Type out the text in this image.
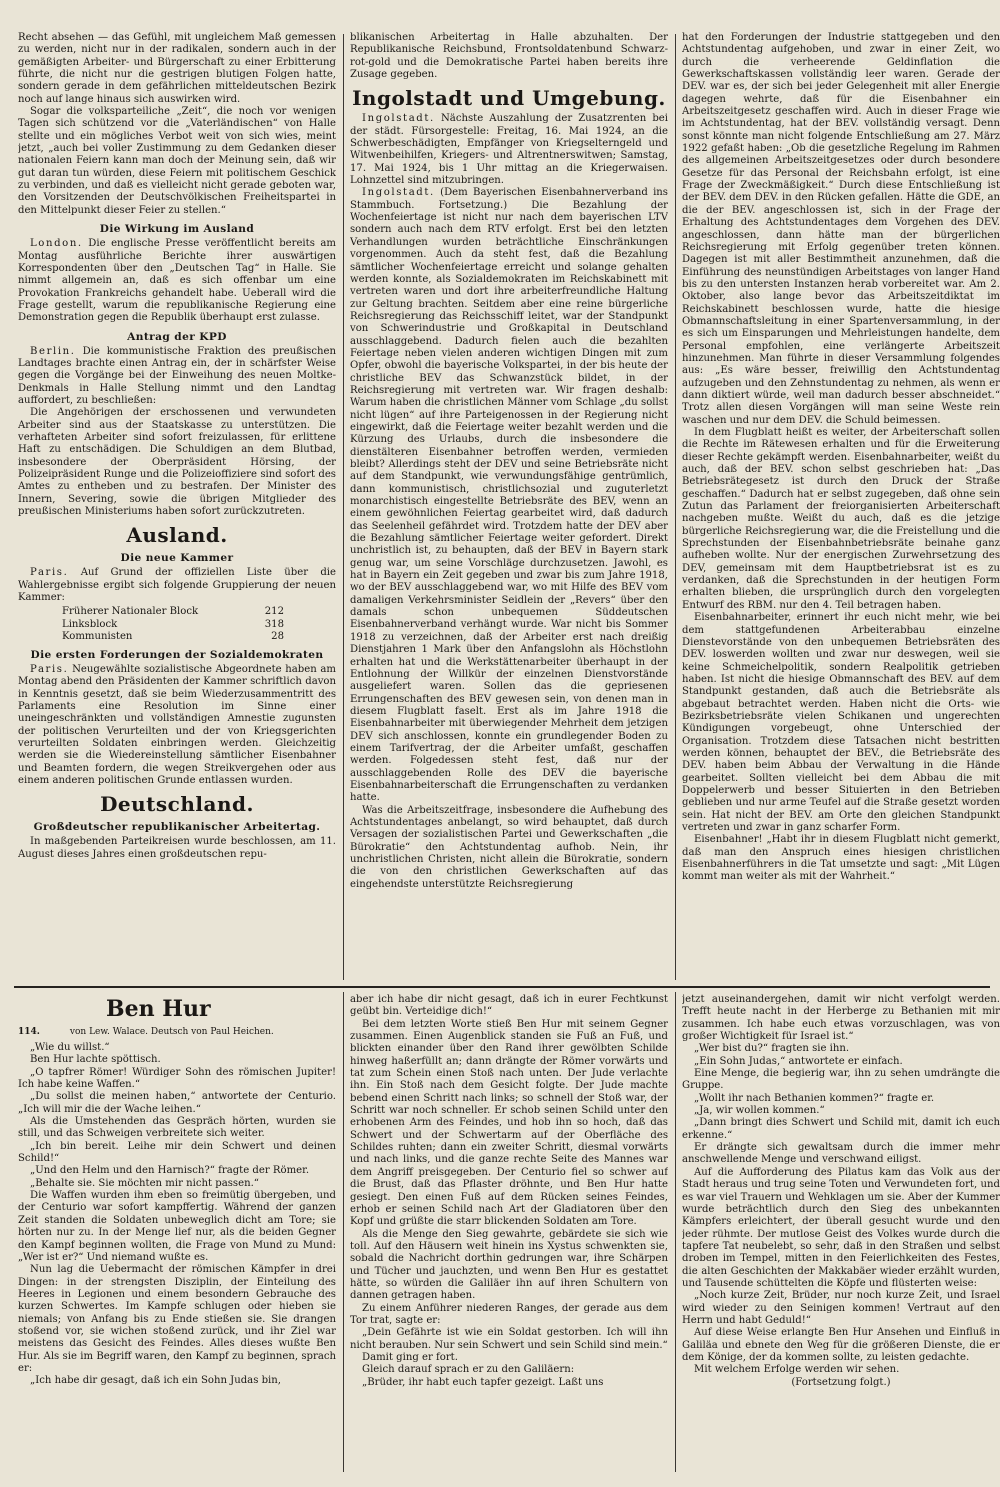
Recht absehen — das Gefühl, mit ungleichem Maß gemessen zu werden, nicht nur in der radikalen, sondern auch in der gemäßigten Arbeiter- und Bürgerschaft zu einer Erbitterung führte, die nicht nur die gestrigen blutigen Folgen hatte, sondern gerade in dem gefährlichen mitteldeutschen Bezirk noch auf lange hinaus sich auswirken wird.

Sogar die volksparteiliche „Zeit“, die noch vor wenigen Tagen sich schützend vor die „Vaterländischen“ von Halle stellte und ein mögliches Verbot weit von sich wies, meint jetzt, „auch bei voller Zustimmung zu dem Gedanken dieser nationalen Feiern kann man doch der Meinung sein, daß wir gut daran tun würden, diese Feiern mit politischem Geschick zu verbinden, und daß es vielleicht nicht gerade geboten war, den Vorsitzenden der Deutschvölkischen Freiheitspartei in den Mittelpunkt dieser Feier zu stellen.“

Die Wirkung im Ausland

London. Die englische Presse veröffentlicht bereits am Montag ausführliche Berichte ihrer auswärtigen Korrespondenten über den „Deutschen Tag“ in Halle. Sie nimmt allgemein an, daß es sich offenbar um eine Provokation Frankreichs gehandelt habe. Ueberall wird die Frage gestellt, warum die republikanische Regierung eine Demonstration gegen die Republik überhaupt erst zulasse.

Antrag der KPD

Berlin. Die kommunistische Fraktion des preußischen Landtages brachte einen Antrag ein, der in schärfster Weise gegen die Vorgänge bei der Einweihung des neuen Moltke-Denkmals in Halle Stellung nimmt und den Landtag auffordert, zu beschließen:

Die Angehörigen der erschossenen und verwundeten Arbeiter sind aus der Staatskasse zu unterstützen. Die verhafteten Arbeiter sind sofort freizulassen, für erlittene Haft zu entschädigen. Die Schuldigen an dem Blutbad, insbesondere der Oberpräsident Hörsing, der Polizeipräsident Runge und die Polizeioffiziere sind sofort des Amtes zu entheben und zu bestrafen. Der Minister des Innern, Severing, sowie die übrigen Mitglieder des preußischen Ministeriums haben sofort zurückzutreten.

Ausland.
Die neue Kammer

Paris. Auf Grund der offiziellen Liste über die Wahlergebnisse ergibt sich folgende Gruppierung der neuen Kammer:

Früherer Nationaler Block	212
Linksblock	318
Kommunisten	28
Die ersten Forderungen der Sozialdemokraten

Paris. Neugewählte sozialistische Abgeordnete haben am Montag abend den Präsidenten der Kammer schriftlich davon in Kenntnis gesetzt, daß sie beim Wiederzusammentritt des Parlaments eine Resolution im Sinne einer uneingeschränkten und vollständigen Amnestie zugunsten der politischen Verurteilten und der von Kriegsgerichten verurteilten Soldaten einbringen werden. Gleichzeitig werden sie die Wiedereinstellung sämtlicher Eisenbahner und Beamten fordern, die wegen Streikvergehen oder aus einem anderen politischen Grunde entlassen wurden.

Deutschland.
Großdeutscher republikanischer Arbeitertag.

In maßgebenden Parteikreisen wurde beschlossen, am 11. August dieses Jahres einen großdeutschen repu-

blikanischen Arbeitertag in Halle abzuhalten. Der Republikanische Reichsbund, Frontsoldatenbund Schwarz-rot-gold und die Demokratische Partei haben bereits ihre Zusage gegeben.

Ingolstadt und Umgebung.

Ingolstadt. Nächste Auszahlung der Zusatzrenten bei der städt. Fürsorgestelle: Freitag, 16. Mai 1924, an die Schwerbeschädigten, Empfänger von Kriegselterngeld und Witwenbeihilfen, Kriegers- und Altrentnerswitwen; Samstag, 17. Mai 1924, bis 1 Uhr mittag an die Kriegerwaisen. Lohnzettel sind mitzubringen.

Ingolstadt. (Dem Bayerischen Eisenbahnerverband ins Stammbuch. Fortsetzung.) Die Bezahlung der Wochenfeiertage ist nicht nur nach dem bayerischen LTV sondern auch nach dem RTV erfolgt. Erst bei den letzten Verhandlungen wurden beträchtliche Einschränkungen vorgenommen. Auch da steht fest, daß die Bezahlung sämtlicher Wochenfeiertage erreicht und solange gehalten werden konnte, als Sozialdemokraten im Reichskabinett mit vertreten waren und dort ihre arbeiterfreundliche Haltung zur Geltung brachten. Seitdem aber eine reine bürgerliche Reichsregierung das Reichsschiff leitet, war der Standpunkt von Schwerindustrie und Großkapital in Deutschland ausschlaggebend. Dadurch fielen auch die bezahlten Feiertage neben vielen anderen wichtigen Dingen mit zum Opfer, obwohl die bayerische Volkspartei, in der bis heute der christliche BEV das Schwanzstück bildet, in der Reichsregierung mit vertreten war. Wir fragen deshalb: Warum haben die christlichen Männer vom Schlage „du sollst nicht lügen“ auf ihre Parteigenossen in der Regierung nicht eingewirkt, daß die Feiertage weiter bezahlt werden und die Kürzung des Urlaubs, durch die insbesondere die dienstälteren Eisenbahner betroffen werden, vermieden bleibt? Allerdings steht der DEV und seine Betriebsräte nicht auf dem Standpunkt, wie verwundungsfähige gentrümlich, dann kommunistisch, christlichsozial und zuguterletzt monarchistisch eingestellte Betriebsräte des BEV, wenn an einem gewöhnlichen Feiertag gearbeitet wird, daß dadurch das Seelenheil gefährdet wird. Trotzdem hatte der DEV aber die Bezahlung sämtlicher Feiertage weiter gefordert. Direkt unchristlich ist, zu behaupten, daß der BEV in Bayern stark genug war, um seine Vorschläge durchzusetzen. Jawohl, es hat in Bayern ein Zeit gegeben und zwar bis zum Jahre 1918, wo der BEV ausschlaggebend war, wo mit Hilfe des BEV vom damaligen Verkehrsminister Seidlein der „Revers“ über den damals schon unbequemen Süddeutschen Eisenbahnerverband verhängt wurde. War nicht bis Sommer 1918 zu verzeichnen, daß der Arbeiter erst nach dreißig Dienstjahren 1 Mark über den Anfangslohn als Höchstlohn erhalten hat und die Werkstättenarbeiter überhaupt in der Entlohnung der Willkür der einzelnen Dienstvorstände ausgeliefert waren. Sollen das die gepriesenen Errungenschaften des BEV gewesen sein, von denen man in diesem Flugblatt faselt. Erst als im Jahre 1918 die Eisenbahnarbeiter mit überwiegender Mehrheit dem jetzigen DEV sich anschlossen, konnte ein grundlegender Boden zu einem Tarifvertrag, der die Arbeiter umfaßt, geschaffen werden. Folgedessen steht fest, daß nur der ausschlaggebenden Rolle des DEV die bayerische Eisenbahnarbeiterschaft die Errungenschaften zu verdanken hatte.

Was die Arbeitszeitfrage, insbesondere die Aufhebung des Achtstundentages anbelangt, so wird behauptet, daß durch Versagen der sozialistischen Partei und Gewerkschaften „die Bürokratie“ den Achtstundentag aufhob. Nein, ihr unchristlichen Christen, nicht allein die Bürokratie, sondern die von den christlichen Gewerkschaften auf das eingehendste unterstützte Reichsregierung

hat den Forderungen der Industrie stattgegeben und den Achtstundentag aufgehoben, und zwar in einer Zeit, wo durch die verheerende Geldinflation die Gewerkschaftskassen vollständig leer waren. Gerade der DEV. war es, der sich bei jeder Gelegenheit mit aller Energie dagegen wehrte, daß für die Eisenbahner ein Arbeitszeitgesetz geschaffen wird. Auch in dieser Frage wie im Achtstundentag, hat der BEV. vollständig versagt. Denn sonst könnte man nicht folgende Entschließung am 27. März 1922 gefaßt haben: „Ob die gesetzliche Regelung im Rahmen des allgemeinen Arbeitszeitgesetzes oder durch besondere Gesetze für das Personal der Reichsbahn erfolgt, ist eine Frage der Zweckmäßigkeit.“ Durch diese Entschließung ist der BEV. dem DEV. in den Rücken gefallen. Hätte die GDE, an die der BEV. angeschlossen ist, sich in der Frage der Erhaltung des Achtstundentages dem Vorgehen des DEV. angeschlossen, dann hätte man der bürgerlichen Reichsregierung mit Erfolg gegenüber treten können. Dagegen ist mit aller Bestimmtheit anzunehmen, daß die Einführung des neunstündigen Arbeitstages von langer Hand bis zu den untersten Instanzen herab vorbereitet war. Am 2. Oktober, also lange bevor das Arbeitszeitdiktat im Reichskabinett beschlossen wurde, hatte die hiesige Obmannschaftsleitung in einer Spartenversammlung, in der es sich um Einsparungen und Mehrleistungen handelte, dem Personal empfohlen, eine verlängerte Arbeitszeit hinzunehmen. Man führte in dieser Versammlung folgendes aus: „Es wäre besser, freiwillig den Achtstundentag aufzugeben und den Zehnstundentag zu nehmen, als wenn er dann diktiert würde, weil man dadurch besser abschneidet.“ Trotz allen diesen Vorgängen will man seine Weste rein waschen und nur dem DEV. die Schuld beimessen.

In dem Flugblatt heißt es weiter, der Arbeiterschaft sollen die Rechte im Rätewesen erhalten und für die Erweiterung dieser Rechte gekämpft werden. Eisenbahnarbeiter, weißt du auch, daß der BEV. schon selbst geschrieben hat: „Das Betriebsrätegesetz ist durch den Druck der Straße geschaffen.“ Dadurch hat er selbst zugegeben, daß ohne sein Zutun das Parlament der freiorganisierten Arbeiterschaft nachgeben mußte. Weißt du auch, daß es die jetzige bürgerliche Reichsregierung war, die die Freistellung und die Sprechstunden der Eisenbahnbetriebsräte beinahe ganz aufheben wollte. Nur der energischen Zurwehrsetzung des DEV, gemeinsam mit dem Hauptbetriebsrat ist es zu verdanken, daß die Sprechstunden in der heutigen Form erhalten blieben, die ursprünglich durch den vorgelegten Entwurf des RBM. nur den 4. Teil betragen haben.

Eisenbahnarbeiter, erinnert ihr euch nicht mehr, wie bei dem stattgefundenen Arbeiterabbau einzelne Dienstevorstände von den unbequemen Betriebsräten des DEV. loswerden wollten und zwar nur deswegen, weil sie keine Schmeichelpolitik, sondern Realpolitik getrieben haben. Ist nicht die hiesige Obmannschaft des BEV. auf dem Standpunkt gestanden, daß auch die Betriebsräte als abgebaut betrachtet werden. Haben nicht die Orts- wie Bezirksbetriebsräte vielen Schikanen und ungerechten Kündigungen vorgebeugt, ohne Unterschied der Organisation. Trotzdem diese Tatsachen nicht bestritten werden können, behauptet der BEV., die Betriebsräte des DEV. haben beim Abbau der Verwaltung in die Hände gearbeitet. Sollten vielleicht bei dem Abbau die mit Doppelerwerb und besser Situierten in den Betrieben geblieben und nur arme Teufel auf die Straße gesetzt worden sein. Hat nicht der BEV. am Orte den gleichen Standpunkt vertreten und zwar in ganz scharfer Form.

Eisenbahner! „Habt ihr in diesem Flugblatt nicht gemerkt, daß man den Anspruch eines hiesigen christlichen Eisenbahnerführers in die Tat umsetzte und sagt: „Mit Lügen kommt man weiter als mit der Wahrheit.“

Ben Hur
114.	von Lew. Walace. Deutsch von Paul Heichen.

„Wie du willst.“

Ben Hur lachte spöttisch.

„O tapfrer Römer! Würdiger Sohn des römischen Jupiter! Ich habe keine Waffen.“

„Du sollst die meinen haben,“ antwortete der Centurio. „Ich will mir die der Wache leihen.“

Als die Umstehenden das Gespräch hörten, wurden sie still, und das Schweigen verbreitete sich weiter.

„Ich bin bereit. Leihe mir dein Schwert und deinen Schild!“

„Und den Helm und den Harnisch?“ fragte der Römer.

„Behalte sie. Sie möchten mir nicht passen.“

Die Waffen wurden ihm eben so freimütig übergeben, und der Centurio war sofort kampffertig. Während der ganzen Zeit standen die Soldaten unbeweglich dicht am Tore; sie hörten nur zu. In der Menge lief nur, als die beiden Gegner den Kampf beginnen wollten, die Frage von Mund zu Mund: „Wer ist er?“ Und niemand wußte es.

Nun lag die Uebermacht der römischen Kämpfer in drei Dingen: in der strengsten Disziplin, der Einteilung des Heeres in Legionen und einem besondern Gebrauche des kurzen Schwertes. Im Kampfe schlugen oder hieben sie niemals; von Anfang bis zu Ende stießen sie. Sie drangen stoßend vor, sie wichen stoßend zurück, und ihr Ziel war meistens das Gesicht des Feindes. Alles dieses wußte Ben Hur. Als sie im Begriff waren, den Kampf zu beginnen, sprach er:

„Ich habe dir gesagt, daß ich ein Sohn Judas bin,

aber ich habe dir nicht gesagt, daß ich in eurer Fechtkunst geübt bin. Verteidige dich!“

Bei dem letzten Worte stieß Ben Hur mit seinem Gegner zusammen. Einen Augenblick standen sie Fuß an Fuß, und blickten einander über den Rand ihrer gewölbten Schilde hinweg haßerfüllt an; dann drängte der Römer vorwärts und tat zum Schein einen Stoß nach unten. Der Jude verlachte ihn. Ein Stoß nach dem Gesicht folgte. Der Jude machte bebend einen Schritt nach links; so schnell der Stoß war, der Schritt war noch schneller. Er schob seinen Schild unter den erhobenen Arm des Feindes, und hob ihn so hoch, daß das Schwert und der Schwertarm auf der Oberfläche des Schildes ruhten; dann ein zweiter Schritt, diesmal vorwärts und nach links, und die ganze rechte Seite des Mannes war dem Angriff preisgegeben. Der Centurio fiel so schwer auf die Brust, daß das Pflaster dröhnte, und Ben Hur hatte gesiegt. Den einen Fuß auf dem Rücken seines Feindes, erhob er seinen Schild nach Art der Gladiatoren über den Kopf und grüßte die starr blickenden Soldaten am Tore.

Als die Menge den Sieg gewahrte, gebärdete sie sich wie toll. Auf den Häusern weit hinein ins Xystus schwenkten sie, sobald die Nachricht dorthin gedrungen war, ihre Schärpen und Tücher und jauchzten, und wenn Ben Hur es gestattet hätte, so würden die Galiläer ihn auf ihren Schultern von dannen getragen haben.

Zu einem Anführer niederen Ranges, der gerade aus dem Tor trat, sagte er:

„Dein Gefährte ist wie ein Soldat gestorben. Ich will ihn nicht berauben. Nur sein Schwert und sein Schild sind mein.“

Damit ging er fort.

Gleich darauf sprach er zu den Galiläern:

„Brüder, ihr habt euch tapfer gezeigt. Laßt uns

jetzt auseinandergehen, damit wir nicht verfolgt werden. Trefft heute nacht in der Herberge zu Bethanien mit mir zusammen. Ich habe euch etwas vorzuschlagen, was von großer Wichtigkeit für Israel ist.“

„Wer bist du?“ fragten sie ihn.

„Ein Sohn Judas,“ antwortete er einfach.

Eine Menge, die begierig war, ihn zu sehen umdrängte die Gruppe.

„Wollt ihr nach Bethanien kommen?“ fragte er.

„Ja, wir wollen kommen.“

„Dann bringt dies Schwert und Schild mit, damit ich euch erkenne.“

Er drängte sich gewaltsam durch die immer mehr anschwellende Menge und verschwand eiligst.

Auf die Aufforderung des Pilatus kam das Volk aus der Stadt heraus und trug seine Toten und Verwundeten fort, und es war viel Trauern und Wehklagen um sie. Aber der Kummer wurde beträchtlich durch den Sieg des unbekannten Kämpfers erleichtert, der überall gesucht wurde und den jeder rühmte. Der mutlose Geist des Volkes wurde durch die tapfere Tat neubelebt, so sehr, daß in den Straßen und selbst droben im Tempel, mitten in den Feierlichkeiten des Festes, die alten Geschichten der Makkabäer wieder erzählt wurden, und Tausende schüttelten die Köpfe und flüsterten weise:

„Noch kurze Zeit, Brüder, nur noch kurze Zeit, und Israel wird wieder zu den Seinigen kommen! Vertraut auf den Herrn und habt Geduld!“

Auf diese Weise erlangte Ben Hur Ansehen und Einfluß in Galiläa und ebnete den Weg für die größeren Dienste, die er dem Könige, der da kommen sollte, zu leisten gedachte.

Mit welchem Erfolge werden wir sehen.

(Fortsetzung folgt.)
